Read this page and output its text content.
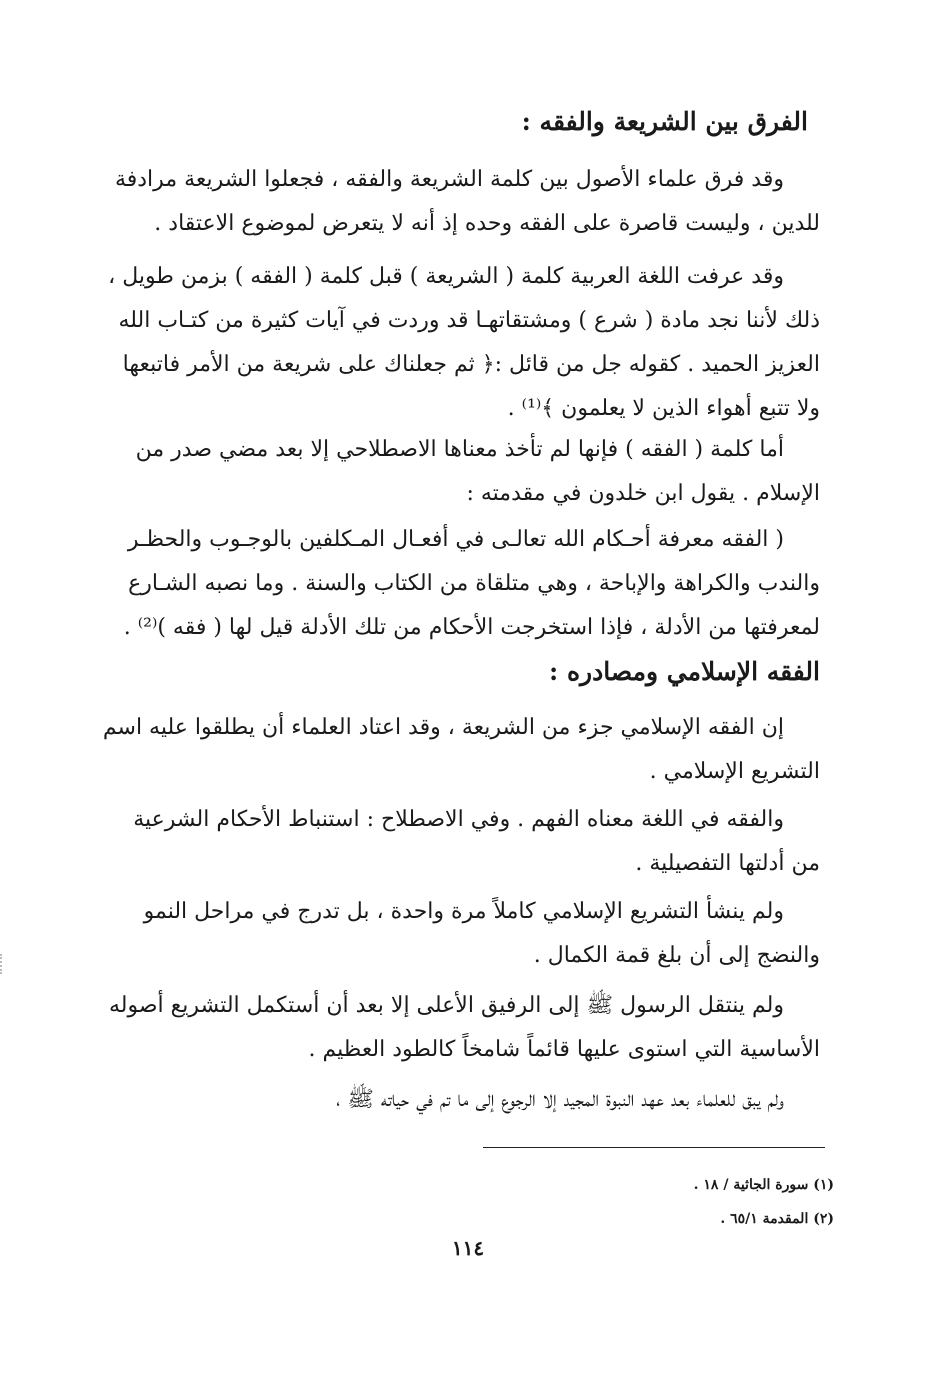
الفرق بين الشريعة والفقه :

وقد فرق علماء الأصول بين كلمة الشريعة والفقه ، فجعلوا الشريعة مرادفة
للدين ، وليست قاصرة على الفقه وحده إذ أنه لا يتعرض لموضوع الاعتقاد .

وقد عرفت اللغة العربية كلمة ( الشريعة ) قبل كلمة ( الفقه ) بزمن طويل ،
ذلك لأننا نجد مادة ( شرع ) ومشتقاتهـا قد وردت في آيات كثيرة من كتـاب الله
العزيز الحميد . كقوله جل من قائل :﴿ ثم جعلناك على شريعة من الأمر فاتبعها
ولا تتبع أهواء الذين لا يعلمون ﴾⁽¹⁾ .

أما كلمة ( الفقه ) فإنها لم تأخذ معناها الاصطلاحي إلا بعد مضي صدر من
الإسلام . يقول ابن خلدون في مقدمته :

( الفقه معرفة أحـكام الله تعالـى في أفعـال المـكلفين بالوجـوب والحظـر
والندب والكراهة والإباحة ، وهي متلقاة من الكتاب والسنة . وما نصبه الشـارع
لمعرفتها من الأدلة ، فإذا استخرجت الأحكام من تلك الأدلة قيل لها ( فقه )⁽²⁾ .

الفقه الإسلامي ومصادره :

إن الفقه الإسلامي جزء من الشريعة ، وقد اعتاد العلماء أن يطلقوا عليه اسم
التشريع الإسلامي .

والفقه في اللغة معناه الفهم . وفي الاصطلاح : استنباط الأحكام الشرعية
من أدلتها التفصيلية .

ولم ينشأ التشريع الإسلامي كاملاً مرة واحدة ، بل تدرج في مراحل النمو
والنضج إلى أن بلغ قمة الكمال .

ولم ينتقل الرسول ﷺ إلى الرفيق الأعلى إلا بعد أن أستكمل التشريع أصوله
الأساسية التي استوى عليها قائماً شامخاً كالطود العظيم .

ولم يبق للعلماء بعد عهد النبوة المجيد إلا الرجوع إلى ما تم في حياته ﷺ ،

(١) سورة الجاثية / ١٨ .
(٢) المقدمة ٦٥/١ .
١١٤
